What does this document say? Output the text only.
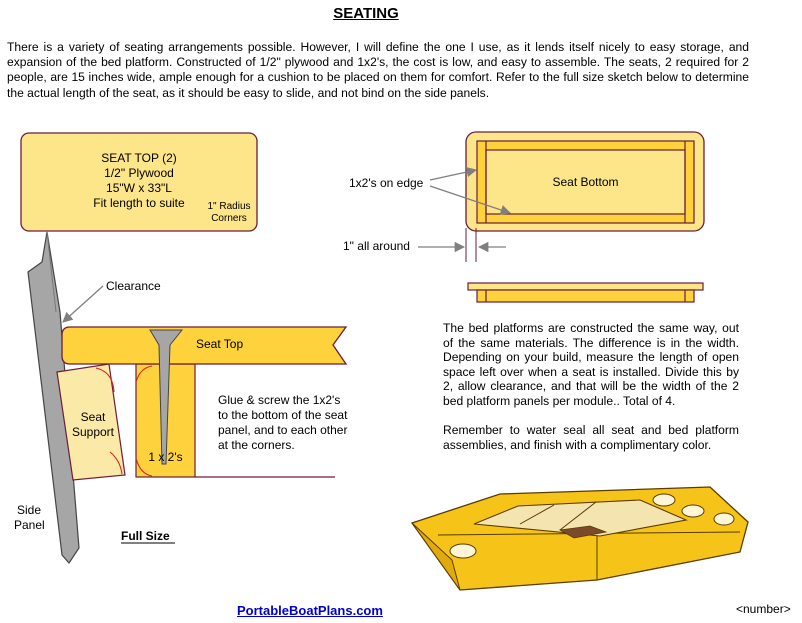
SEATING
There is a variety of seating arrangements possible. However, I will define the one I use, as it lends itself nicely to easy storage, and expansion of the bed platform. Constructed of 1/2" plywood and 1x2's, the cost is low, and easy to assemble. The seats, 2 required for 2 people, are 15 inches wide, ample enough for a cushion to be placed on them for comfort. Refer to the full size sketch below to determine the actual length of the seat, as it should be easy to slide, and not bind on the side panels.
SEAT TOP (2)
1/2" Plywood
15"W x 33"L
Fit length to suite	1" Radius
Corners
Seat Bottom
1x2's on edge
1" all around
Clearance
Seat Top
Seat
Support
1 x 2's
Glue & screw the 1x2's
to the bottom of the seat
panel, and to each other
at the corners.
Side
Panel
Full Size

The bed platforms are constructed the same way, out of the same materials. The difference is in the width. Depending on your build, measure the length of open space left over when a seat is installed. Divide this by 2, allow clearance, and that will be the width of the 2 bed platform panels per module.. Total of 4.

Remember to water seal all seat and bed platform assemblies, and finish with a complimentary color.

PortableBoatPlans.com	<number>
